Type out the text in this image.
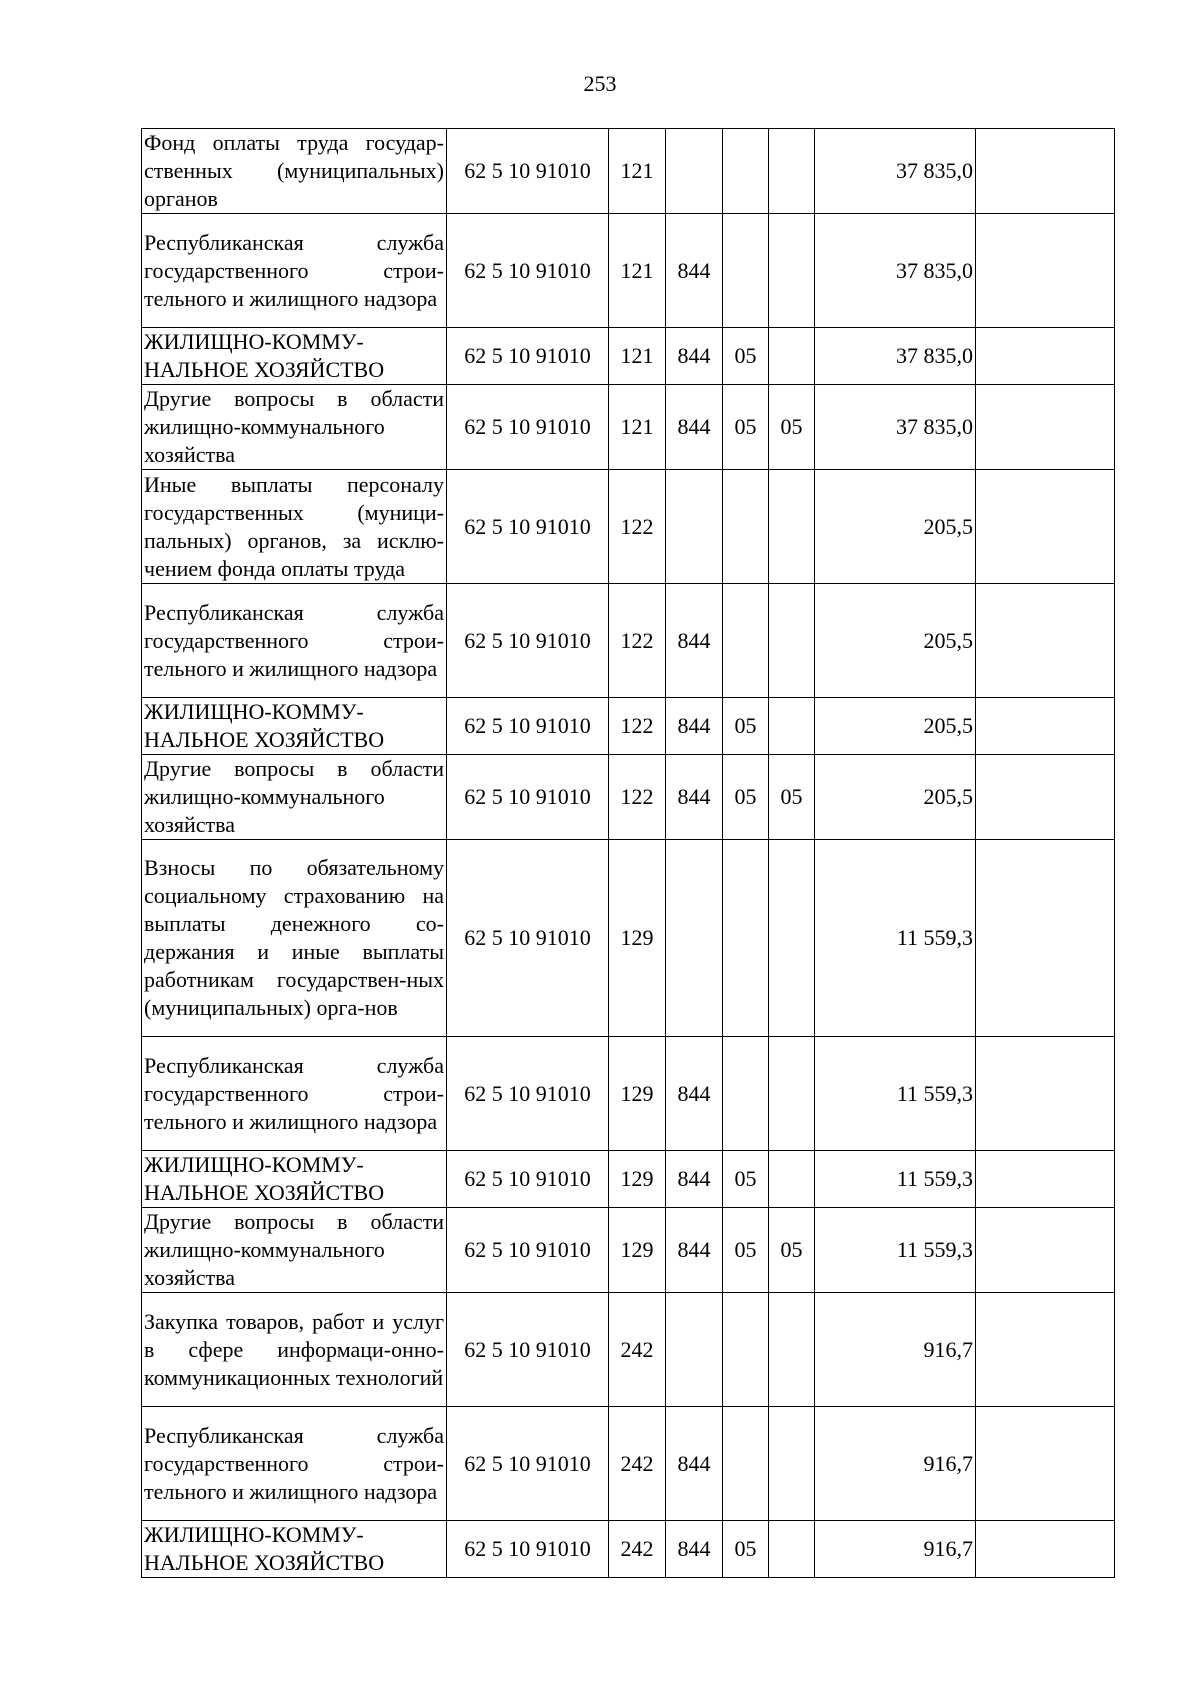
253
Фонд оплаты труда государ-ственных (муниципальных) органов	62 5 10 91010	121				37 835,0	
Республиканская служба государственного строи-тельного и жилищного надзора	62 5 10 91010	121	844			37 835,0	
ЖИЛИЩНО-КОММУ-НАЛЬНОЕ ХОЗЯЙСТВО	62 5 10 91010	121	844	05		37 835,0	
Другие вопросы в области жилищно-коммунального хозяйства	62 5 10 91010	121	844	05	05	37 835,0	
Иные выплаты персоналу государственных (муници-пальных) органов, за исклю-чением фонда оплаты труда	62 5 10 91010	122				205,5	
Республиканская служба государственного строи-тельного и жилищного надзора	62 5 10 91010	122	844			205,5	
ЖИЛИЩНО-КОММУ-НАЛЬНОЕ ХОЗЯЙСТВО	62 5 10 91010	122	844	05		205,5	
Другие вопросы в области жилищно-коммунального хозяйства	62 5 10 91010	122	844	05	05	205,5	
Взносы по обязательному социальному страхованию на выплаты денежного со-держания и иные выплаты работникам государствен-ных (муниципальных) орга-нов	62 5 10 91010	129				11 559,3	
Республиканская служба государственного строи-тельного и жилищного надзора	62 5 10 91010	129	844			11 559,3	
ЖИЛИЩНО-КОММУ-НАЛЬНОЕ ХОЗЯЙСТВО	62 5 10 91010	129	844	05		11 559,3	
Другие вопросы в области жилищно-коммунального хозяйства	62 5 10 91010	129	844	05	05	11 559,3	
Закупка товаров, работ и услуг в сфере информаци-онно-коммуникационных технологий	62 5 10 91010	242				916,7	
Республиканская служба государственного строи-тельного и жилищного надзора	62 5 10 91010	242	844			916,7	
ЖИЛИЩНО-КОММУ-НАЛЬНОЕ ХОЗЯЙСТВО	62 5 10 91010	242	844	05		916,7	
